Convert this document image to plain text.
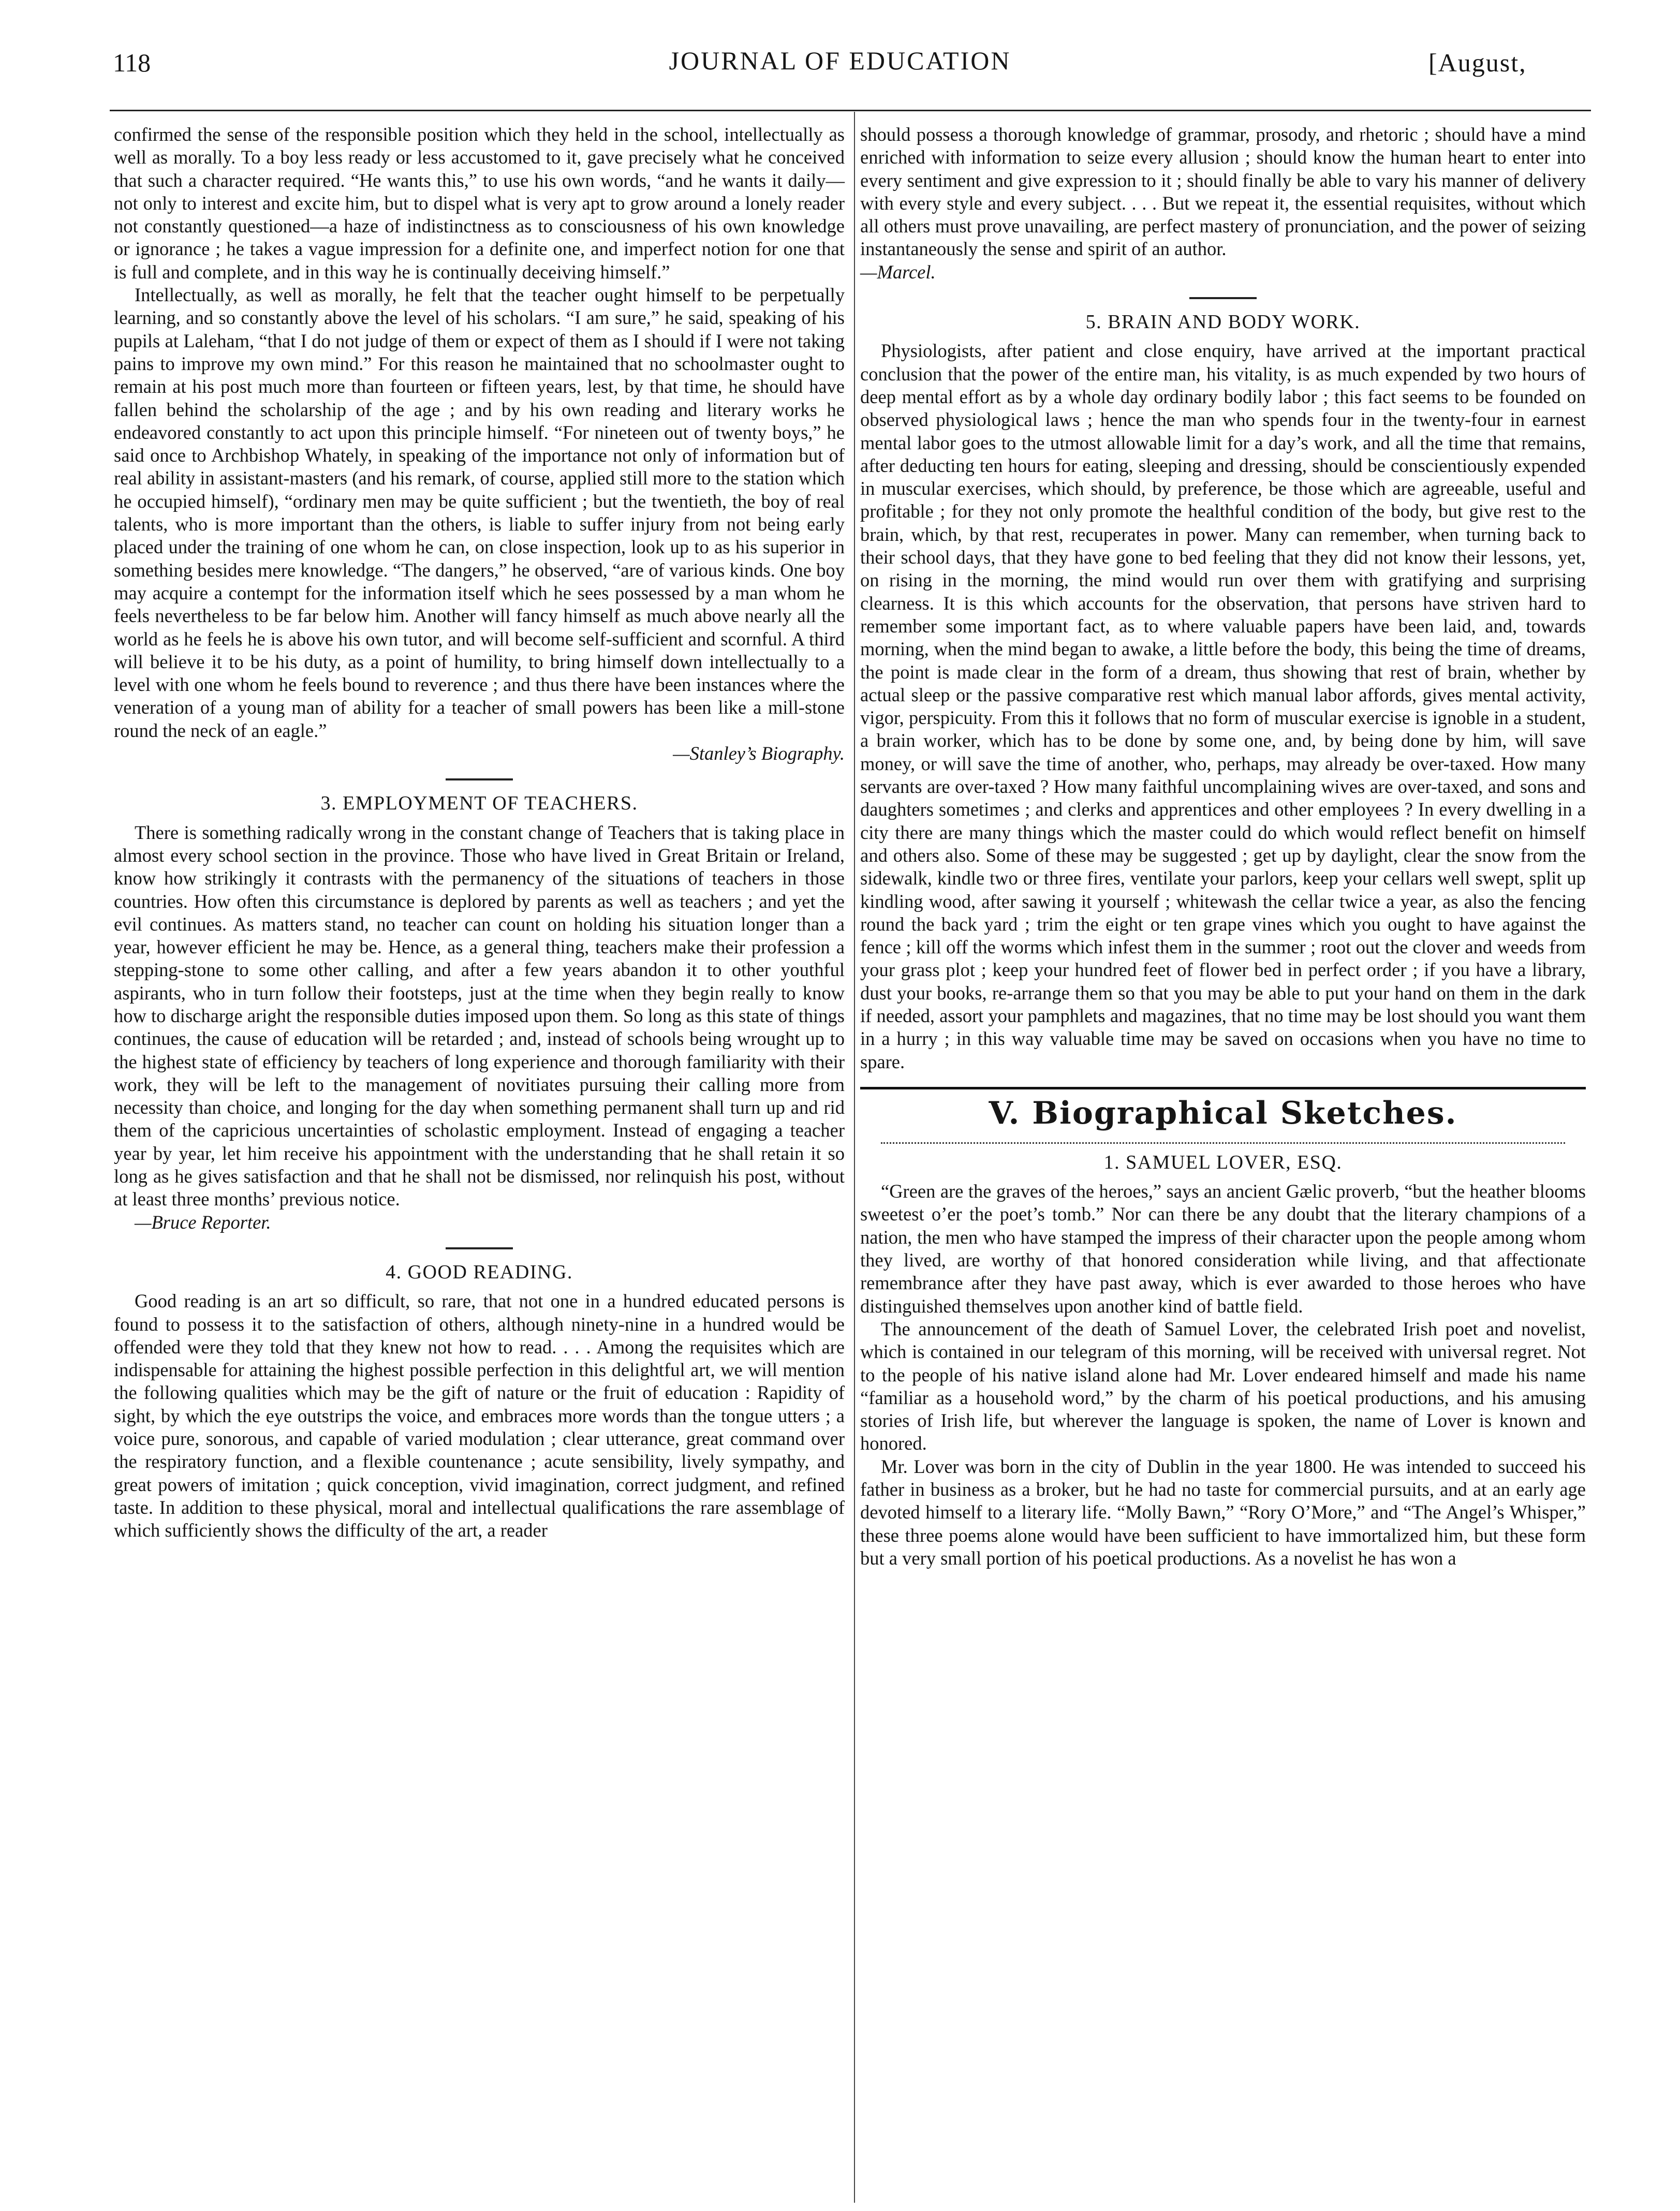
118	JOURNAL OF EDUCATION	[August,

confirmed the sense of the responsible position which they held in the school, intellectually as well as morally. To a boy less ready or less accustomed to it, gave precisely what he conceived that such a character required. “He wants this,” to use his own words, “and he wants it daily—not only to interest and excite him, but to dispel what is very apt to grow around a lonely reader not constantly questioned—a haze of indistinctness as to consciousness of his own knowledge or ignorance ; he takes a vague impression for a definite one, and imperfect notion for one that is full and complete, and in this way he is continually deceiving himself.”

Intellectually, as well as morally, he felt that the teacher ought himself to be perpetually learning, and so constantly above the level of his scholars. “I am sure,” he said, speaking of his pupils at Laleham, “that I do not judge of them or expect of them as I should if I were not taking pains to improve my own mind.” For this reason he maintained that no schoolmaster ought to remain at his post much more than fourteen or fifteen years, lest, by that time, he should have fallen behind the scholarship of the age ; and by his own reading and literary works he endeavored constantly to act upon this principle himself. “For nineteen out of twenty boys,” he said once to Archbishop Whately, in speaking of the importance not only of information but of real ability in assistant-masters (and his remark, of course, applied still more to the station which he occupied himself), “ordinary men may be quite sufficient ; but the twentieth, the boy of real talents, who is more important than the others, is liable to suffer injury from not being early placed under the training of one whom he can, on close inspection, look up to as his superior in something besides mere knowledge. “The dangers,” he observed, “are of various kinds. One boy may acquire a contempt for the information itself which he sees possessed by a man whom he feels nevertheless to be far below him. Another will fancy himself as much above nearly all the world as he feels he is above his own tutor, and will become self-sufficient and scornful. A third will believe it to be his duty, as a point of humility, to bring himself down intellectually to a level with one whom he feels bound to reverence ; and thus there have been instances where the veneration of a young man of ability for a teacher of small powers has been like a mill-stone round the neck of an eagle.”

—Stanley’s Biography.

3. EMPLOYMENT OF TEACHERS.

There is something radically wrong in the constant change of Teachers that is taking place in almost every school section in the province. Those who have lived in Great Britain or Ireland, know how strikingly it contrasts with the permanency of the situations of teachers in those countries. How often this circumstance is deplored by parents as well as teachers ; and yet the evil continues. As matters stand, no teacher can count on holding his situation longer than a year, however efficient he may be. Hence, as a general thing, teachers make their profession a stepping-stone to some other calling, and after a few years abandon it to other youthful aspirants, who in turn follow their footsteps, just at the time when they begin really to know how to discharge aright the responsible duties imposed upon them. So long as this state of things continues, the cause of education will be retarded ; and, instead of schools being wrought up to the highest state of efficiency by teachers of long experience and thorough familiarity with their work, they will be left to the management of novitiates pursuing their calling more from necessity than choice, and longing for the day when something permanent shall turn up and rid them of the capricious uncertainties of scholastic employment. Instead of engaging a teacher year by year, let him receive his appointment with the understanding that he shall retain it so long as he gives satisfaction and that he shall not be dismissed, nor relinquish his post, without at least three months’ previous notice.

—Bruce Reporter.

4. GOOD READING.

Good reading is an art so difficult, so rare, that not one in a hundred educated persons is found to possess it to the satisfaction of others, although ninety-nine in a hundred would be offended were they told that they knew not how to read. . . . Among the requisites which are indispensable for attaining the highest possible perfection in this delightful art, we will mention the following qualities which may be the gift of nature or the fruit of education : Rapidity of sight, by which the eye outstrips the voice, and embraces more words than the tongue utters ; a voice pure, sonorous, and capable of varied modulation ; clear utterance, great command over the respiratory function, and a flexible countenance ; acute sensibility, lively sympathy, and great powers of imitation ; quick conception, vivid imagination, correct judgment, and refined taste. In addition to these physical, moral and intellectual qualifications the rare assemblage of which sufficiently shows the difficulty of the art, a reader

should possess a thorough knowledge of grammar, prosody, and rhetoric ; should have a mind enriched with information to seize every allusion ; should know the human heart to enter into every sentiment and give expression to it ; should finally be able to vary his manner of delivery with every style and every subject. . . . But we repeat it, the essential requisites, without which all others must prove unavailing, are perfect mastery of pronunciation, and the power of seizing instantaneously the sense and spirit of an author.

—Marcel.

5. BRAIN AND BODY WORK.

Physiologists, after patient and close enquiry, have arrived at the important practical conclusion that the power of the entire man, his vitality, is as much expended by two hours of deep mental effort as by a whole day ordinary bodily labor ; this fact seems to be founded on observed physiological laws ; hence the man who spends four in the twenty-four in earnest mental labor goes to the utmost allowable limit for a day’s work, and all the time that remains, after deducting ten hours for eating, sleeping and dressing, should be conscientiously expended in muscular exercises, which should, by preference, be those which are agreeable, useful and profitable ; for they not only promote the healthful condition of the body, but give rest to the brain, which, by that rest, recuperates in power. Many can remember, when turning back to their school days, that they have gone to bed feeling that they did not know their lessons, yet, on rising in the morning, the mind would run over them with gratifying and surprising clearness. It is this which accounts for the observation, that persons have striven hard to remember some important fact, as to where valuable papers have been laid, and, towards morning, when the mind began to awake, a little before the body, this being the time of dreams, the point is made clear in the form of a dream, thus showing that rest of brain, whether by actual sleep or the passive comparative rest which manual labor affords, gives mental activity, vigor, perspicuity. From this it follows that no form of muscular exercise is ignoble in a student, a brain worker, which has to be done by some one, and, by being done by him, will save money, or will save the time of another, who, perhaps, may already be over-taxed. How many servants are over-taxed ? How many faithful uncomplaining wives are over-taxed, and sons and daughters sometimes ; and clerks and apprentices and other employees ? In every dwelling in a city there are many things which the master could do which would reflect benefit on himself and others also. Some of these may be suggested ; get up by daylight, clear the snow from the sidewalk, kindle two or three fires, ventilate your parlors, keep your cellars well swept, split up kindling wood, after sawing it yourself ; whitewash the cellar twice a year, as also the fencing round the back yard ; trim the eight or ten grape vines which you ought to have against the fence ; kill off the worms which infest them in the summer ; root out the clover and weeds from your grass plot ; keep your hundred feet of flower bed in perfect order ; if you have a library, dust your books, re-arrange them so that you may be able to put your hand on them in the dark if needed, assort your pamphlets and magazines, that no time may be lost should you want them in a hurry ; in this way valuable time may be saved on occasions when you have no time to spare.

V. Biographical Sketches.
1. SAMUEL LOVER, ESQ.

“Green are the graves of the heroes,” says an ancient Gælic proverb, “but the heather blooms sweetest o’er the poet’s tomb.” Nor can there be any doubt that the literary champions of a nation, the men who have stamped the impress of their character upon the people among whom they lived, are worthy of that honored consideration while living, and that affectionate remembrance after they have past away, which is ever awarded to those heroes who have distinguished themselves upon another kind of battle field.

The announcement of the death of Samuel Lover, the celebrated Irish poet and novelist, which is contained in our telegram of this morning, will be received with universal regret. Not to the people of his native island alone had Mr. Lover endeared himself and made his name “familiar as a household word,” by the charm of his poetical productions, and his amusing stories of Irish life, but wherever the language is spoken, the name of Lover is known and honored.

Mr. Lover was born in the city of Dublin in the year 1800. He was intended to succeed his father in business as a broker, but he had no taste for commercial pursuits, and at an early age devoted himself to a literary life. “Molly Bawn,” “Rory O’More,” and “The Angel’s Whisper,” these three poems alone would have been sufficient to have immortalized him, but these form but a very small portion of his poetical productions. As a novelist he has won a
